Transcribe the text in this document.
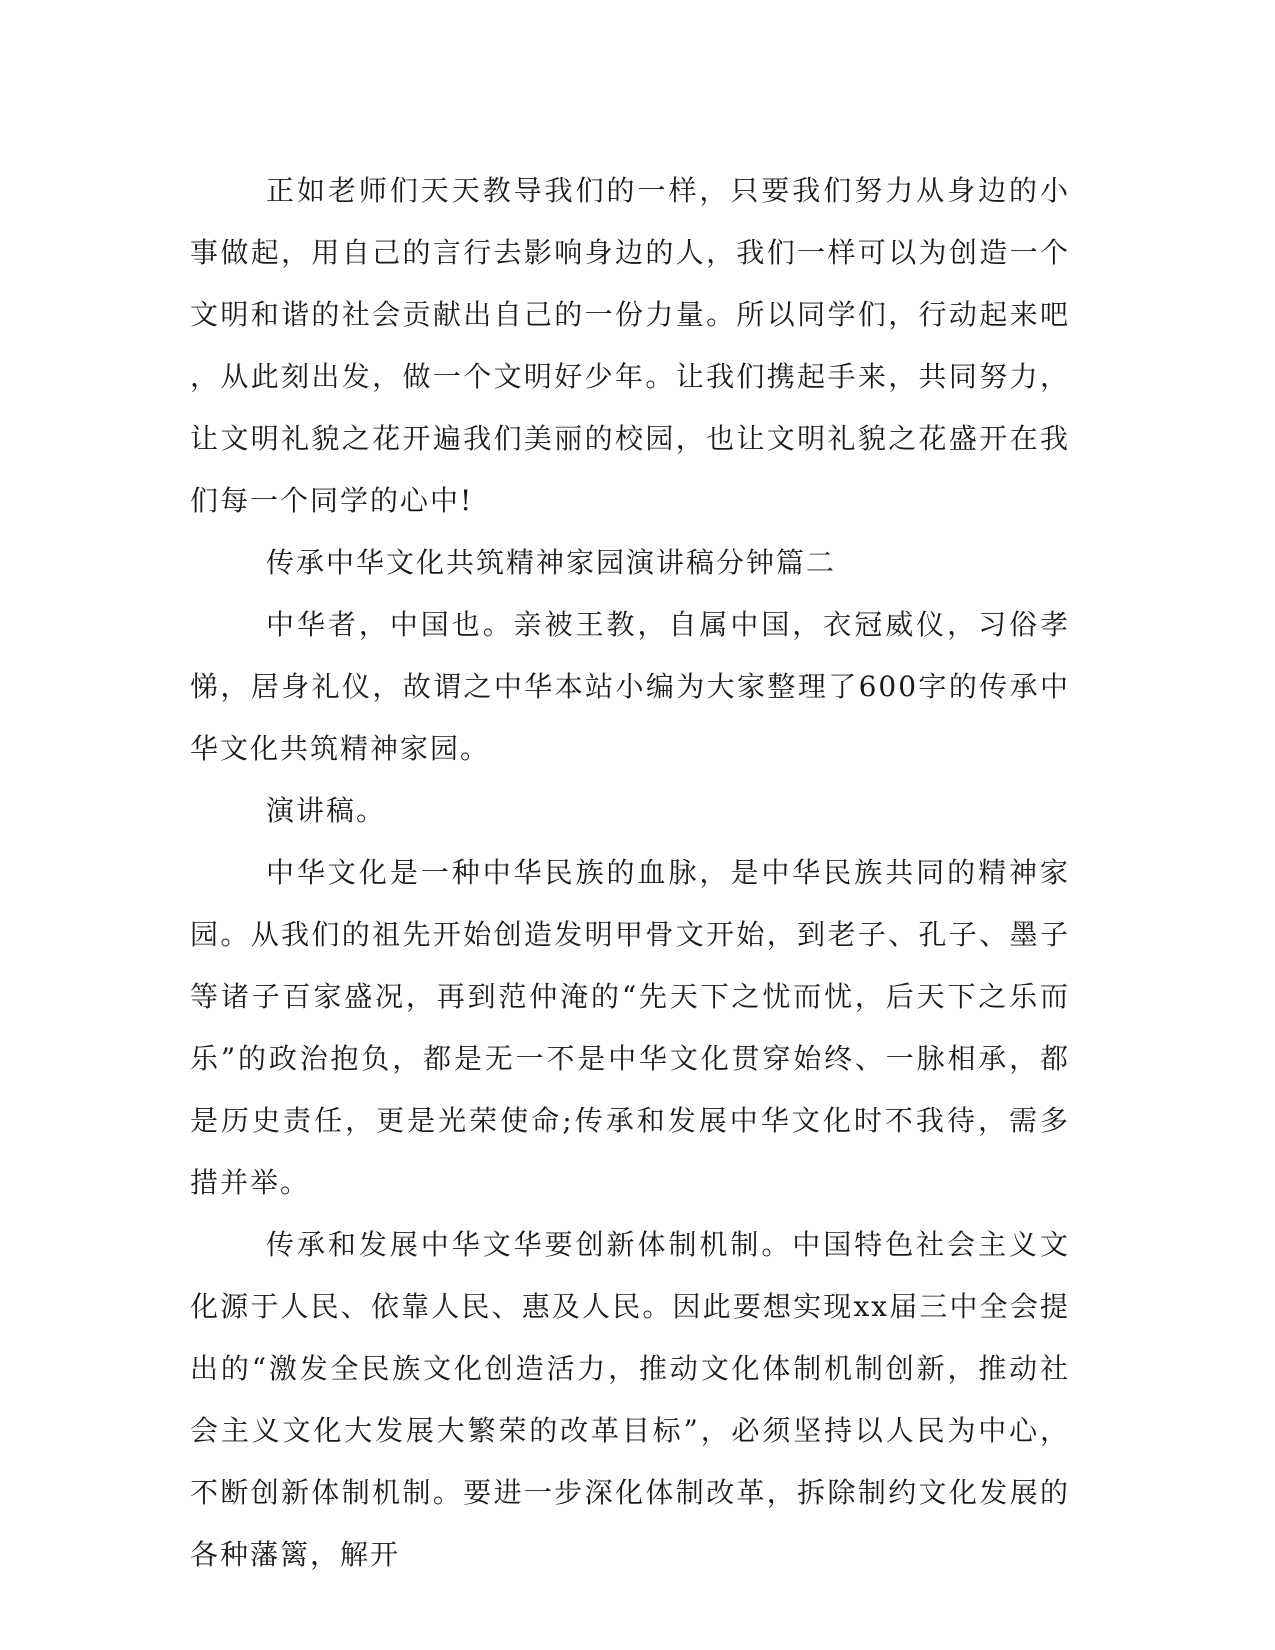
正如老师们天天教导我们的一样，只要我们努力从身边的小事做起，用自己的言行去影响身边的人，我们一样可以为创造一个文明和谐的社会贡献出自己的一份力量。所以同学们，行动起来吧，从此刻出发，做一个文明好少年。让我们携起手来，共同努力，让文明礼貌之花开遍我们美丽的校园，也让文明礼貌之花盛开在我们每一个同学的心中!

传承中华文化共筑精神家园演讲稿分钟篇二

中华者，中国也。亲被王教，自属中国，衣冠威仪，习俗孝悌，居身礼仪，故谓之中华本站小编为大家整理了600字的传承中华文化共筑精神家园。

演讲稿。

中华文化是一种中华民族的血脉，是中华民族共同的精神家园。从我们的祖先开始创造发明甲骨文开始，到老子、孔子、墨子等诸子百家盛况，再到范仲淹的“先天下之忧而忧，后天下之乐而乐”的政治抱负，都是无一不是中华文化贯穿始终、一脉相承，都是历史责任，更是光荣使命;传承和发展中华文化时不我待，需多措并举。

传承和发展中华文华要创新体制机制。中国特色社会主义文化源于人民、依靠人民、惠及人民。因此要想实现xx届三中全会提出的“激发全民族文化创造活力，推动文化体制机制创新，推动社会主义文化大发展大繁荣的改革目标”，必须坚持以人民为中心，不断创新体制机制。要进一步深化体制改革，拆除制约文化发展的各种藩篱，解开
